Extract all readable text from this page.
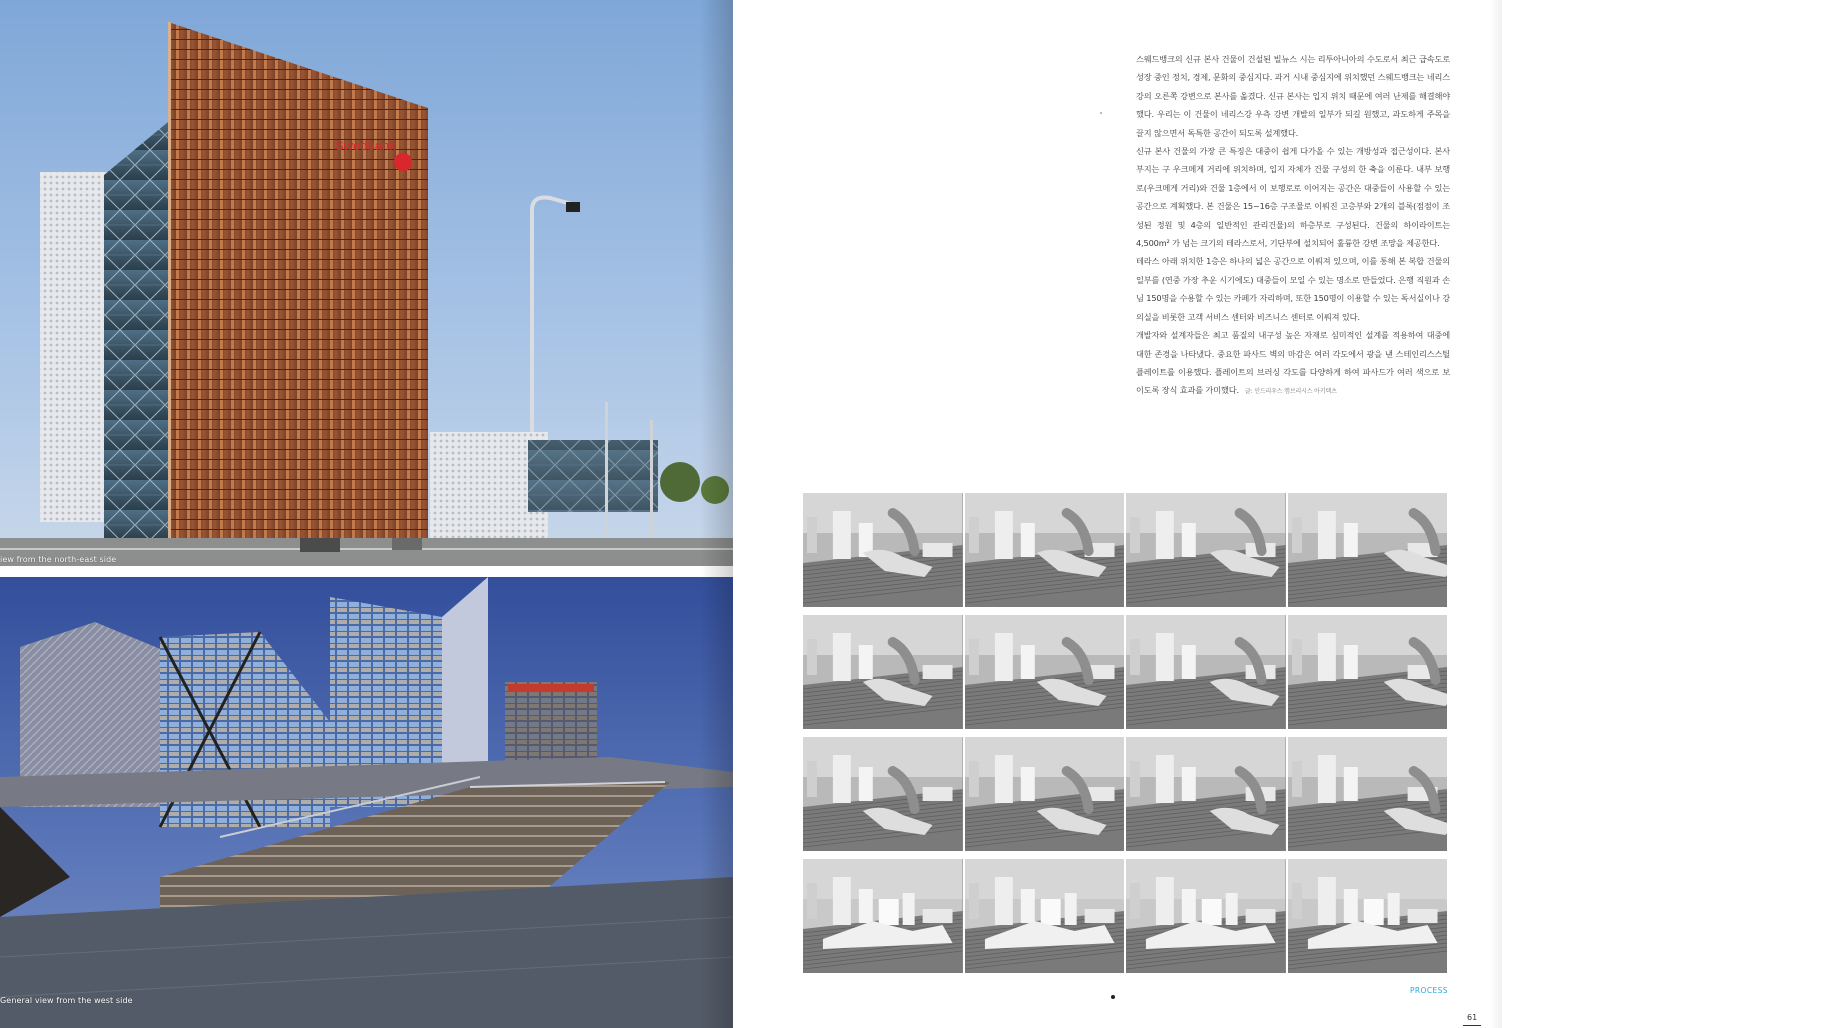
Swedbank
iew from the north-east side
General view from the west side

스웨드뱅크의 신규 본사 건물이 건설된 빌뉴스 시는 리투아니아의 수도로서 최근 급속도로 성장 중인 정치, 경제, 문화의 중심지다. 과거 시내 중심지에 위치했던 스웨드뱅크는 네리스강의 오른쪽 강변으로 본사를 옮겼다. 신규 본사는 입지 위치 때문에 여러 난제를 해결해야 했다. 우리는 이 건물이 네리스강 우측 강변 개발의 일부가 되길 원했고, 과도하게 주목을 끌지 않으면서 독특한 공간이 되도록 설계했다.

신규 본사 건물의 가장 큰 특징은 대중이 쉽게 다가올 수 있는 개방성과 접근성이다. 본사 부지는 구 우크메게 거리에 위치하며, 입지 자체가 건물 구성의 한 축을 이룬다. 내부 보행로(우크메게 거리)와 건물 1층에서 이 보행로로 이어지는 공간은 대중들이 사용할 수 있는 공간으로 계획했다. 본 건물은 15~16층 구조물로 이뤄진 고층부와 2개의 블록(점점이 조성된 정원 및 4층의 일반적인 관리건물)의 하층부로 구성된다. 건물의 하이라이트는 4,500m² 가 넘는 크기의 테라스로서, 기단부에 설치되어 훌륭한 강변 조망을 제공한다.

테라스 아래 위치한 1층은 하나의 넓은 공간으로 이뤄져 있으며, 이를 통해 본 복합 건물의 일부를 (연중 가장 추운 시기에도) 대중들이 모일 수 있는 명소로 만들었다. 은행 직원과 손님 150명을 수용할 수 있는 카페가 자리하며, 또한 150명이 이용할 수 있는 독서실이나 강의실을 비롯한 고객 서비스 센터와 비즈니스 센터로 이뤄져 있다.

개발자와 설계자들은 최고 품질의 내구성 높은 자재로 심미적인 설계를 적용하여 대중에 대한 존경을 나타냈다. 중요한 파사드 벽의 마감은 여러 각도에서 광을 낸 스테인리스스틸 플레이트를 이용했다. 플레이트의 브러싱 각도를 다양하게 하여 파사드가 여러 색으로 보이도록 장식 효과를 가미했다. 글: 인드리우스 캠브리시스 아키텍츠

PROCESS
61
